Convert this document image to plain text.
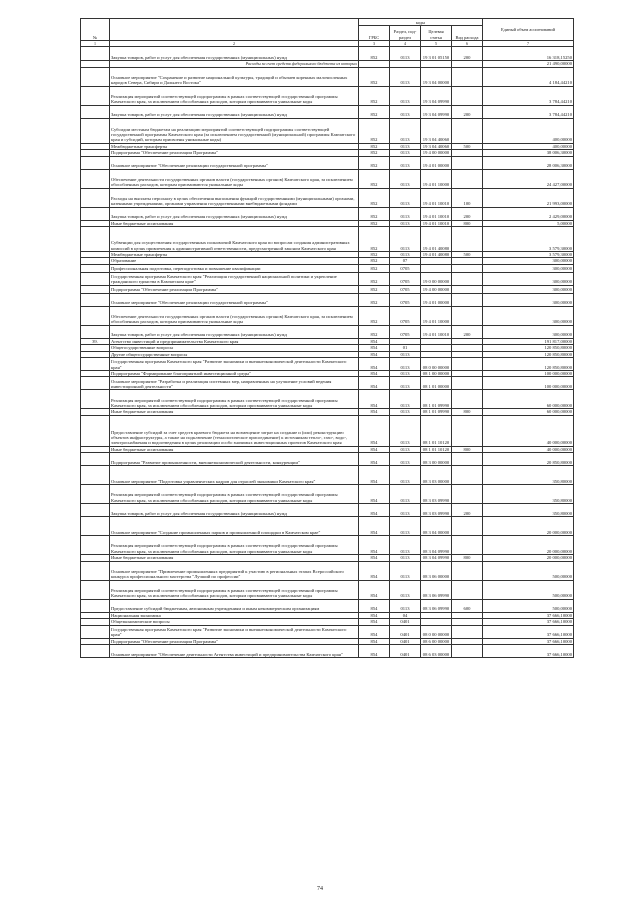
№		коды				Единый объем ассигнований
		ГРБС	Раздел, под-раздел	Целевая статья	Вид расхода	
1	2	3	4	5	6	7
	Закупка товаров, работ и услуг для обеспечения государственных (муниципальных) нужд	852	0113	19 3 01 05150	200	16 318,15250
	Расходы за счет средств федерального бюджета из которых					21 490,00000
	Основное мероприятие "Сохранение и развитие национальной культуры, традиций и обычаев коренных малочисленных народов Севера, Сибири и Дальнего Востока"	852	0113	19 3 04 00000		4 184,44210
	Реализация мероприятий соответствующей подпрограммы в рамках соответствующей государственной программы Камчатского края, за исключением обособленных расходов, которым присваиваются уникальные коды	852	0113	19 3 04 09990		3 784,44210
	Закупка товаров, работ и услуг для обеспечения государственных (муниципальных) нужд	852	0113	19 3 04 09990	200	3 784,44210
	Субсидии местным бюджетам на реализацию мероприятий соответствующей подпрограммы соответствующей государственной программы Камчатского края (за исключением государственной (муниципальной) программы Камчатского края и субсидий, которым присвоены уникальные коды)	852	0113	19 3 04 40060		400,00000
	Межбюджетные трансферты	852	0113	19 3 04 40060	500	400,00000
	Подпрограмма "Обеспечение реализации Программы"	852	0113	19 4 00 00000		38 006,30000
	Основное мероприятие "Обеспечение реализации государственной программы"	852	0113	19 4 01 00000		28 006,30000
	Обеспечение деятельности государственных органов власти (государственных органов) Камчатского края, за исключением обособленных расходов, которым присваиваются уникальные коды	852	0113	19 4 01 10000		24 427,00000
	Расходы на выплаты персоналу в целях обеспечения выполнения функций государственными (муниципальными) органами, казенными учреждениями, органами управления государственными внебюджетными фондами	852	0113	19 4 01 10010	100	21 993,00000
	Закупка товаров, работ и услуг для обеспечения государственных (муниципальных) нужд	852	0113	19 4 01 10010	200	2 429,00000
	Иные бюджетные ассигнования	852	0113	19 4 01 10010	800	5,00000
	Субвенции для осуществления государственных полномочий Камчатского края по вопросам создания административных комиссий в целях привлечения к административной ответственности, предусмотренной законом Камчатского края	852	0113	19 4 01 40080		3 579,30000
	Межбюджетные трансферты	852	0113	19 4 01 40080	500	3 579,30000
	Образование	852	07			300,00000
	Профессиональная подготовка, переподготовка и повышение квалификации	852	0705			300,00000
	Государственная программа Камчатского края "Реализация государственной национальной политики и укрепление гражданского единства в Камчатском крае"	852	0705	19 0 00 00000		300,00000
	Подпрограмма "Обеспечение реализации Программы"	852	0705	19 4 00 00000		300,00000
	Основное мероприятие "Обеспечение реализации государственной программы"	852	0705	19 4 01 00000		300,00000
	Обеспечение деятельности государственных органов власти (государственных органов) Камчатского края, за исключением обособленных расходов, которым присваиваются уникальные коды	852	0705	19 4 01 10000		300,00000
	Закупка товаров, работ и услуг для обеспечения государственных (муниципальных) нужд	852	0705	19 4 01 10010	200	300,00000
39.	Агентство инвестиций и предпринимательства Камчатского края	854				191 817,00000
	Общегосударственные вопросы	854	01			120 850,80000
	Другие общегосударственные вопросы	854	0113			120 850,80000
	Государственная программа Камчатского края "Развитие экономики и внешнеэкономической деятельности Камчатского края"	854	0113	08 0 00 00000		120 850,80000
	Подпрограмма "Формирование благоприятной инвестиционной среды"	854	0113	08 1 00 00000		100 000,00000
	Основное мероприятие "Разработка и реализация системных мер, направленных на улучшение условий ведения инвестиционной деятельности"	854	0113	08 1 01 00000		100 000,00000
	Реализация мероприятий соответствующей подпрограммы в рамках соответствующей государственной программы Камчатского края, за исключением обособленных расходов, которым присваиваются уникальные коды	854	0113	08 1 01 09990		60 000,00000
	Иные бюджетные ассигнования	854	0113	08 1 01 09990	800	60 000,00000
	Предоставление субсидий за счет средств краевого бюджета на возмещение затрат на создание и (или) реконструкцию объектов инфраструктуры, а также на подключение (технологическое присоединение) к источникам тепло-, газо-, водо-, электроснабжения и водоотведения в целях реализации особо значимых инвестиционных проектов Камчатского края	854	0113	08 1 01 10120		40 000,00000
	Иные бюджетные ассигнования	854	0113	08 1 01 10120	800	40 000,00000
	Подпрограмма "Развитие промышленности, внешнеэкономической деятельности, конкуренции"	854	0113	08 3 00 00000		20 850,80000
	Основное мероприятие "Подготовка управленческих кадров для отраслей экономики Камчатского края"	854	0113	08 3 03 00000		350,80000
	Реализация мероприятий соответствующей подпрограммы в рамках соответствующей государственной программы Камчатского края, за исключением обособленных расходов, которым присваиваются уникальные коды	854	0113	08 3 03 09990		350,80000
	Закупка товаров, работ и услуг для обеспечения государственных (муниципальных) нужд	854	0113	08 3 03 09990	200	350,80000
	Основное мероприятие "Создание промышленных парков и промышленной площадки в Камчатском крае"	854	0113	08 3 04 00000		20 000,00000
	Реализация мероприятий соответствующей подпрограммы в рамках соответствующей государственной программы Камчатского края, за исключением обособленных расходов, которым присваиваются уникальные коды	854	0113	08 3 04 09990		20 000,00000
	Иные бюджетные ассигнования	854	0113	08 3 04 09990	800	20 000,00000
	Основное мероприятие "Привлечение промышленных предприятий к участию в региональных этапах Всероссийского конкурса профессионального мастерства "Лучший по профессии"	854	0113	08 3 06 00000		500,00000
	Реализация мероприятий соответствующей подпрограммы в рамках соответствующей государственной программы Камчатского края, за исключением обособленных расходов, которым присваиваются уникальные коды	854	0113	08 3 06 09990		500,00000
	Предоставление субсидий бюджетным, автономным учреждениям и иным некоммерческим организациям	854	0113	08 3 06 09990	600	500,00000
	Национальная экономика	854	04			37 666,10000
	Общеэкономические вопросы	854	0401			37 666,10000
	Государственная программа Камчатского края "Развитие экономики и внешнеэкономической деятельности Камчатского края"	854	0401	08 0 00 00000		37 666,10000
	Подпрограмма "Обеспечение реализации Программы"	854	0401	08 6 00 00000		37 666,10000
	Основное мероприятие "Обеспечение деятельности Агентства инвестиций и предпринимательства Камчатского края"	854	0401	08 6 03 00000		37 666,10000
74
